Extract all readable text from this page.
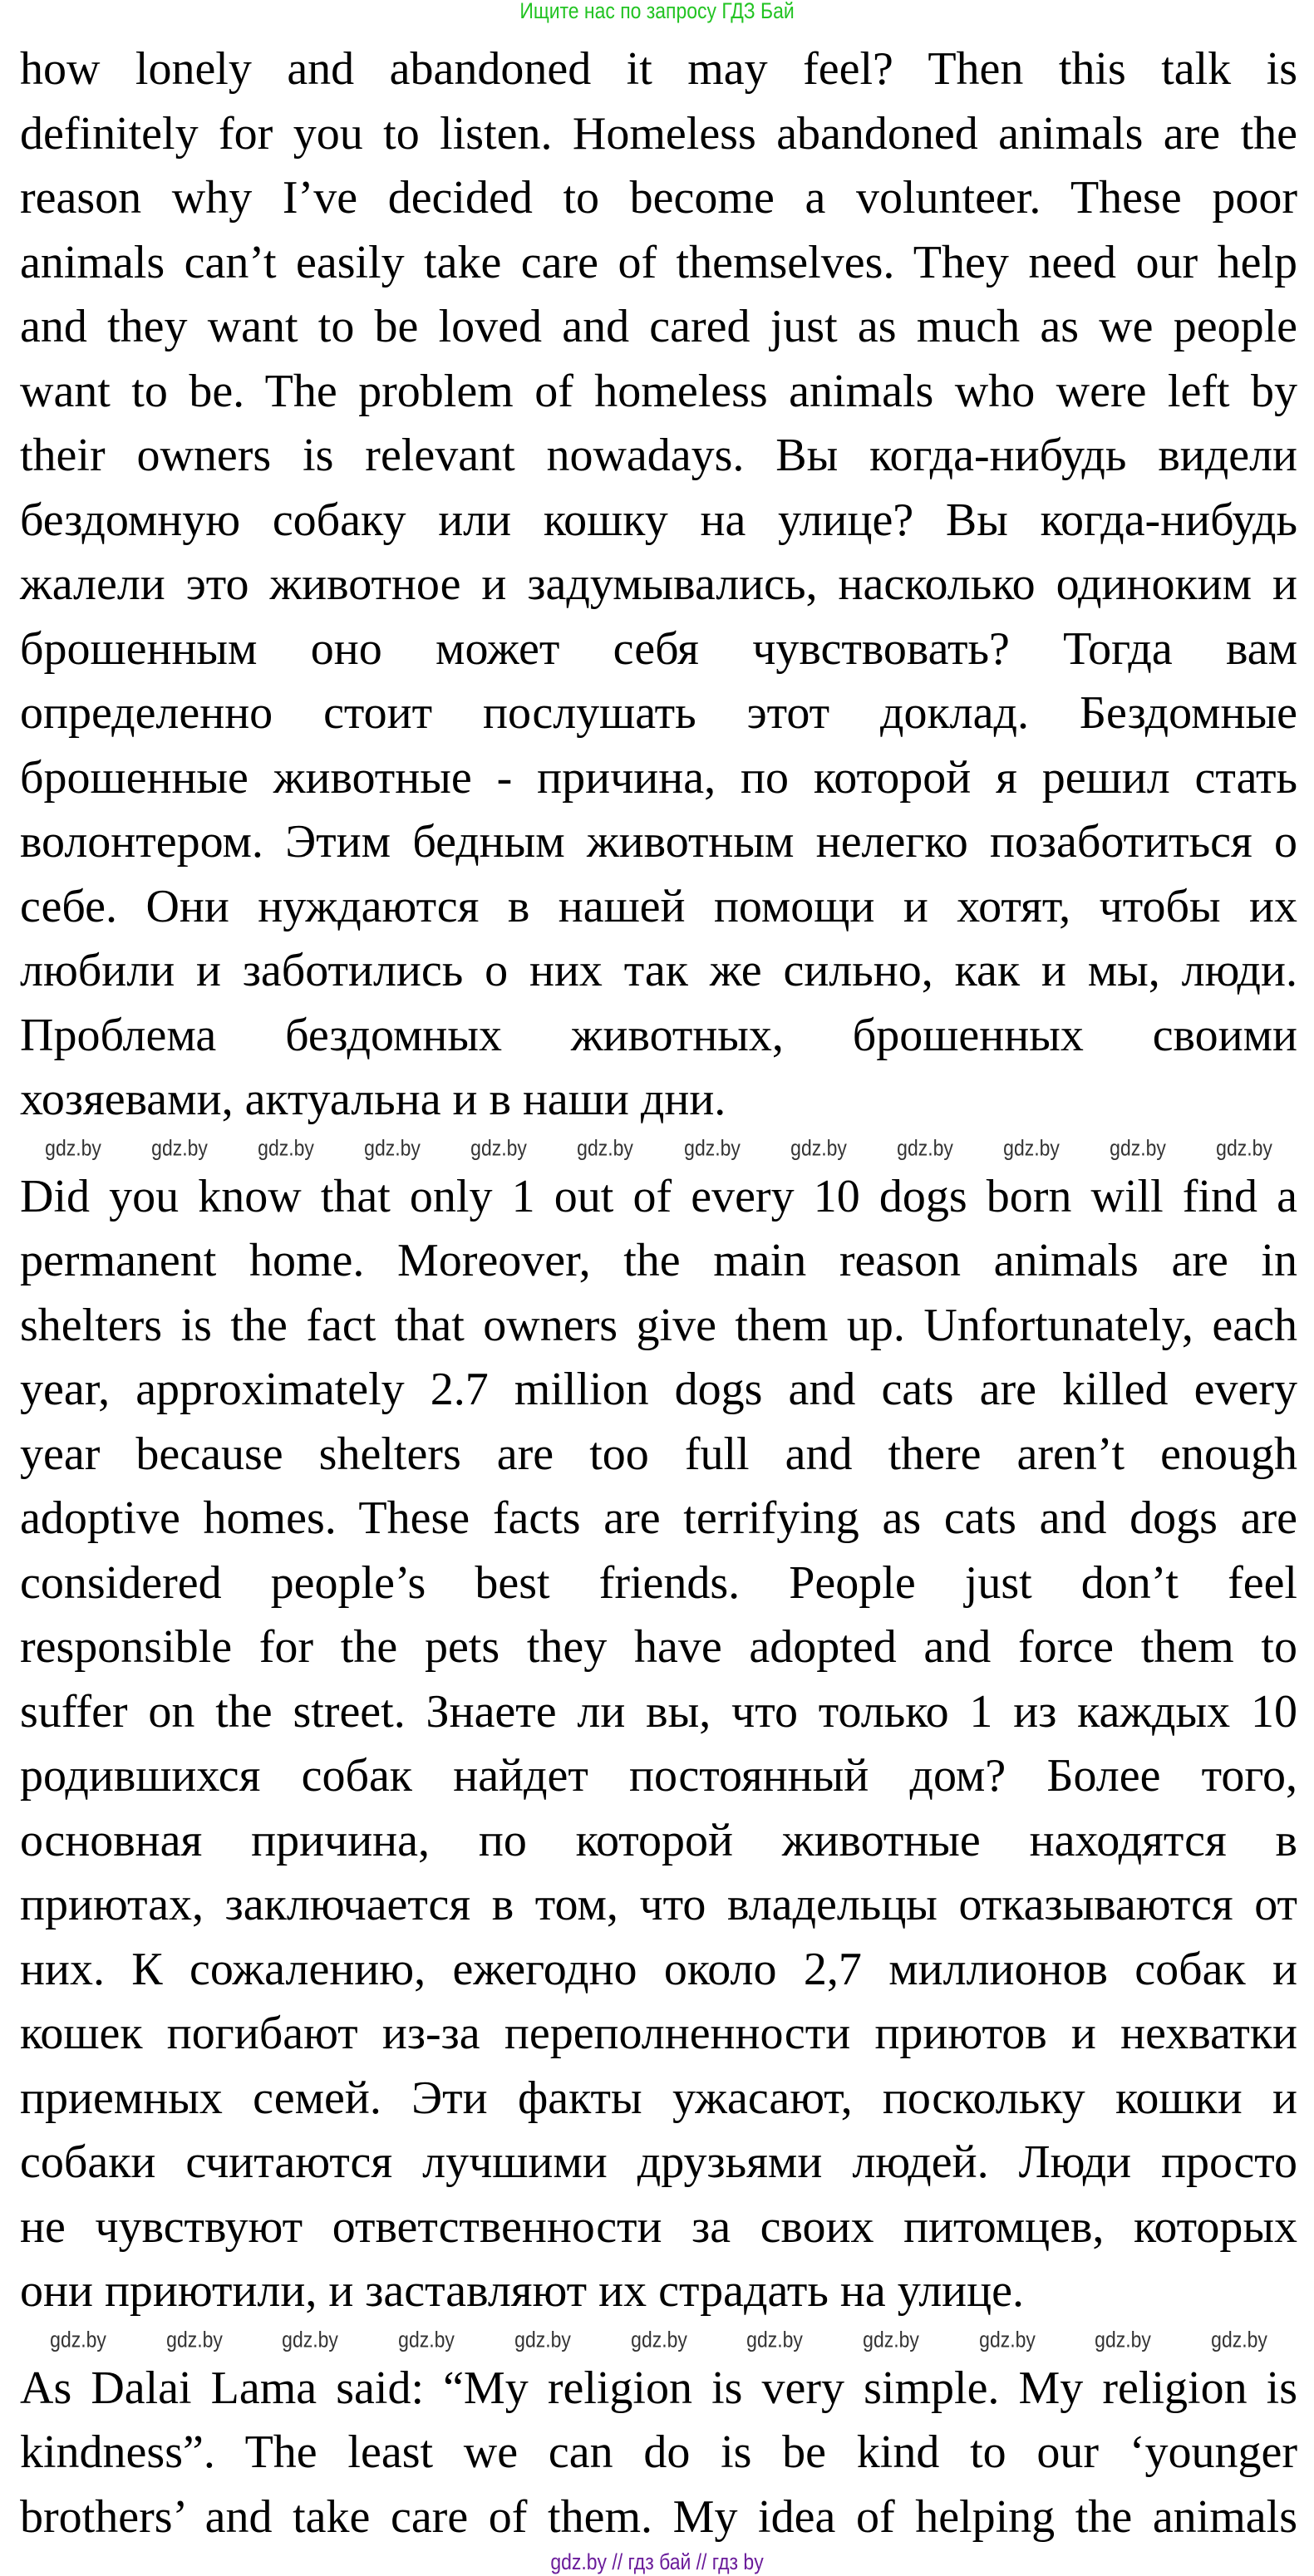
Ищите нас по запросу ГДЗ Бай
how lonely and abandoned it may feel? Then this talk is
definitely for you to listen. Homeless abandoned animals are the
reason why I’ve decided to become a volunteer. These poor
animals can’t easily take care of themselves. They need our help
and they want to be loved and cared just as much as we people
want to be. The problem of homeless animals who were left by
their owners is relevant nowadays. Вы когда-нибудь видели
бездомную собаку или кошку на улице? Вы когда-нибудь
жалели это животное и задумывались, насколько одиноким и
брошенным оно может себя чувствовать? Тогда вам
определенно стоит послушать этот доклад. Бездомные
брошенные животные - причина, по которой я решил стать
волонтером. Этим бедным животным нелегко позаботиться о
себе. Они нуждаются в нашей помощи и хотят, чтобы их
любили и заботились о них так же сильно, как и мы, люди.
Проблема бездомных животных, брошенных своими
хозяевами, актуальна и в наши дни.
Did you know that only 1 out of every 10 dogs born will find a
permanent home. Moreover, the main reason animals are in
shelters is the fact that owners give them up. Unfortunately, each
year, approximately 2.7 million dogs and cats are killed every
year because shelters are too full and there aren’t enough
adoptive homes. These facts are terrifying as cats and dogs are
considered people’s best friends. People just don’t feel
responsible for the pets they have adopted and force them to
suffer on the street. Знаете ли вы, что только 1 из каждых 10
родившихся собак найдет постоянный дом? Более того,
основная причина, по которой животные находятся в
приютах, заключается в том, что владельцы отказываются от
них. К сожалению, ежегодно около 2,7 миллионов собак и
кошек погибают из-за переполненности приютов и нехватки
приемных семей. Эти факты ужасают, поскольку кошки и
собаки считаются лучшими друзьями людей. Люди просто
не чувствуют ответственности за своих питомцев, которых
они приютили, и заставляют их страдать на улице.
As Dalai Lama said: “My religion is very simple. My religion is
kindness”. The least we can do is be kind to our ‘younger
brothers’ and take care of them. My idea of helping the animals
gdz.by gdz.by gdz.by gdz.by gdz.by gdz.by gdz.by gdz.by gdz.by gdz.by gdz.by gdz.by
gdz.by	gdz.by	gdz.by	gdz.by	gdz.by	gdz.by	gdz.by	gdz.by	gdz.by	gdz.by	gdz.by
gdz.by // гдз бай // гдз by
